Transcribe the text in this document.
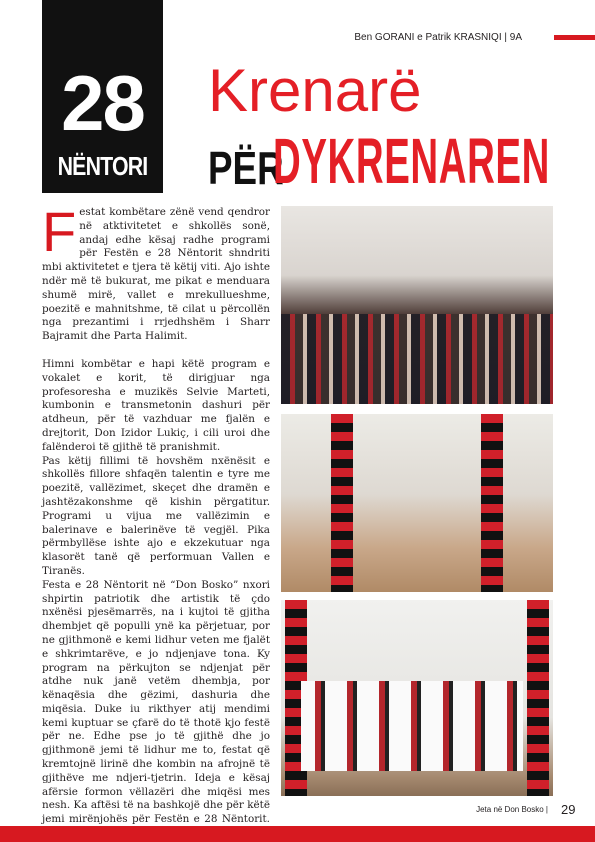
28
NËNTORI
Ben GORANI e Patrik KRASNIQI | 9A
Krenarë
PËR
DYKRENAREN

Festat kombëtare zënë vend qendror në atktivitetet e shkollës sonë, andaj edhe kësaj radhe programi për Festën e 28 Nëntorit shndriti mbi aktivitetet e tjera të këtij viti. Ajo ishte ndër më të bukurat, me pikat e menduara shumë mirë, vallet e mrekullueshme, poezitë e mahnitshme, të cilat u përcollën nga prezantimi i rrjedhshëm i Sharr Bajramit dhe Parta Halimit.

Himni kombëtar e hapi këtë program e vokalet e korit, të dirigjuar nga profesoresha e muzikës Selvie Marteti, kumbonin e transmetonin dashuri për atdheun, për të vazhduar me fjalën e drejtorit, Don Izidor Lukiç, i cili uroi dhe falënderoi të gjithë të pranishmit.

Pas këtij fillimi të hovshëm nxënësit e shkollës fillore shfaqën talentin e tyre me poezitë, vallëzimet, skeçet dhe dramën e jashtëzakonshme që kishin përgatitur. Programi u vijua me vallëzimin e balerinave e balerinëve të vegjël. Pika përmbyllëse ishte ajo e ekzekutuar nga klasorët tanë që performuan Vallen e Tiranës.

Festa e 28 Nëntorit në “Don Bosko” nxori shpirtin patriotik dhe artistik të çdo nxënësi pjesëmarrës, na i kujtoi të gjitha dhembjet që populli ynë ka përjetuar, por ne gjithmonë e kemi lidhur veten me fjalët e shkrimtarëve, e jo ndjenjave tona. Ky program na përkujton se ndjenjat për atdhe nuk janë vetëm dhembja, por kënaqësia dhe gëzimi, dashuria dhe miqësia. Duke iu rikthyer atij mendimi kemi kuptuar se çfarë do të thotë kjo festë për ne. Edhe pse jo të gjithë dhe jo gjithmonë jemi të lidhur me to, festat që kremtojnë lirinë dhe kombin na afrojnë të gjithëve me ndjeri-tjetrin. Ideja e kësaj afërsie formon vëllazëri dhe miqësi mes nesh. Ka aftësi të na bashkojë dhe për këtë jemi mirënjohës për Festën e 28 Nëntorit.

Jeta në Don Bosko | 29
